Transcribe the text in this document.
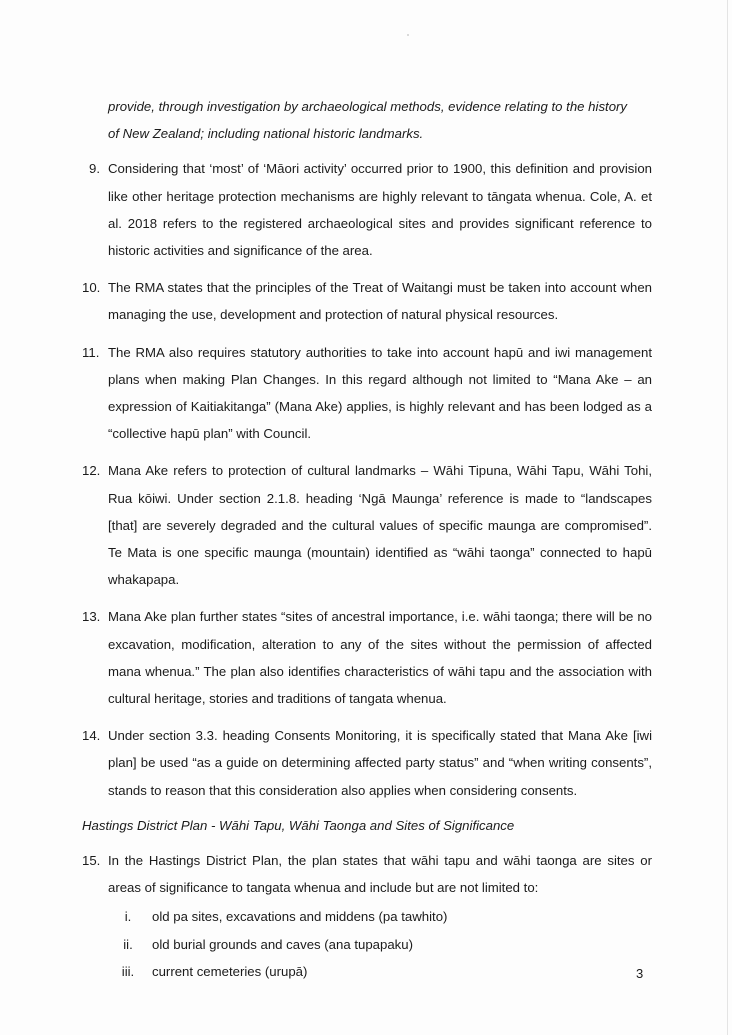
provide, through investigation by archaeological methods, evidence relating to the history
of New Zealand; including national historic landmarks.
9. Considering that ‘most’ of ‘Māori activity’ occurred prior to 1900, this definition and provision like other heritage protection mechanisms are highly relevant to tāngata whenua. Cole, A. et al. 2018 refers to the registered archaeological sites and provides significant reference to historic activities and significance of the area.
10. The RMA states that the principles of the Treat of Waitangi must be taken into account when managing the use, development and protection of natural physical resources.
11. The RMA also requires statutory authorities to take into account hapū and iwi management plans when making Plan Changes. In this regard although not limited to “Mana Ake – an expression of Kaitiakitanga” (Mana Ake) applies, is highly relevant and has been lodged as a “collective hapū plan” with Council.
12. Mana Ake refers to protection of cultural landmarks – Wāhi Tipuna, Wāhi Tapu, Wāhi Tohi, Rua kōiwi. Under section 2.1.8. heading ‘Ngā Maunga’ reference is made to “landscapes [that] are severely degraded and the cultural values of specific maunga are compromised”. Te Mata is one specific maunga (mountain) identified as “wāhi taonga” connected to hapū whakapapa.
13. Mana Ake plan further states “sites of ancestral importance, i.e. wāhi taonga; there will be no excavation, modification, alteration to any of the sites without the permission of affected mana whenua.” The plan also identifies characteristics of wāhi tapu and the association with cultural heritage, stories and traditions of tangata whenua.
14. Under section 3.3. heading Consents Monitoring, it is specifically stated that Mana Ake [iwi plan] be used “as a guide on determining affected party status” and “when writing consents”, stands to reason that this consideration also applies when considering consents.
Hastings District Plan - Wāhi Tapu, Wāhi Taonga and Sites of Significance
15. In the Hastings District Plan, the plan states that wāhi tapu and wāhi taonga are sites or areas of significance to tangata whenua and include but are not limited to:
i.	old pa sites, excavations and middens (pa tawhito)
ii.	old burial grounds and caves (ana tupapaku)
iii.	current cemeteries (urupā)	3
